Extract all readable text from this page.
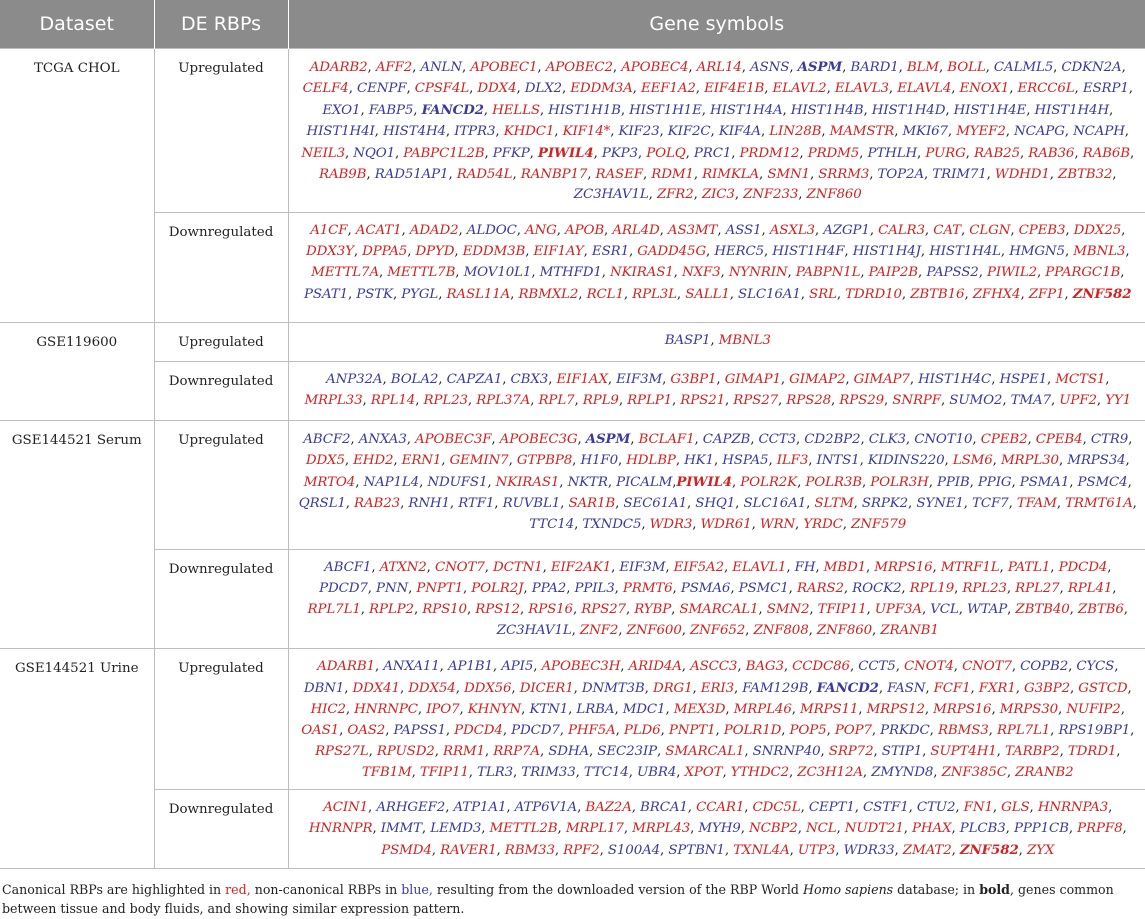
Dataset	DE RBPs	Gene symbols
TCGA CHOL	Upregulated	ADARB2, AFF2, ANLN, APOBEC1, APOBEC2, APOBEC4, ARL14, ASNS, ASPM, BARD1, BLM, BOLL, CALML5, CDKN2A, CELF4, CENPF, CPSF4L, DDX4, DLX2, EDDM3A, EEF1A2, EIF4E1B, ELAVL2, ELAVL3, ELAVL4, ENOX1, ERCC6L, ESRP1, EXO1, FABP5, FANCD2, HELLS, HIST1H1B, HIST1H1E, HIST1H4A, HIST1H4B, HIST1H4D, HIST1H4E, HIST1H4H, HIST1H4I, HIST4H4, ITPR3, KHDC1, KIF14*, KIF23, KIF2C, KIF4A, LIN28B, MAMSTR, MKI67, MYEF2, NCAPG, NCAPH, NEIL3, NQO1, PABPC1L2B, PFKP, PIWIL4, PKP3, POLQ, PRC1, PRDM12, PRDM5, PTHLH, PURG, RAB25, RAB36, RAB6B, RAB9B, RAD51AP1, RAD54L, RANBP17, RASEF, RDM1, RIMKLA, SMN1, SRRM3, TOP2A, TRIM71, WDHD1, ZBTB32, ZC3HAV1L, ZFR2, ZIC3, ZNF233, ZNF860
	Downregulated	A1CF, ACAT1, ADAD2, ALDOC, ANG, APOB, ARL4D, AS3MT, ASS1, ASXL3, AZGP1, CALR3, CAT, CLGN, CPEB3, DDX25, DDX3Y, DPPA5, DPYD, EDDM3B, EIF1AY, ESR1, GADD45G, HERC5, HIST1H4F, HIST1H4J, HIST1H4L, HMGN5, MBNL3, METTL7A, METTL7B, MOV10L1, MTHFD1, NKIRAS1, NXF3, NYNRIN, PABPN1L, PAIP2B, PAPSS2, PIWIL2, PPARGC1B, PSAT1, PSTK, PYGL, RASL11A, RBMXL2, RCL1, RPL3L, SALL1, SLC16A1, SRL, TDRD10, ZBTB16, ZFHX4, ZFP1, ZNF582
GSE119600	Upregulated	BASP1, MBNL3
	Downregulated	ANP32A, BOLA2, CAPZA1, CBX3, EIF1AX, EIF3M, G3BP1, GIMAP1, GIMAP2, GIMAP7, HIST1H4C, HSPE1, MCTS1, MRPL33, RPL14, RPL23, RPL37A, RPL7, RPL9, RPLP1, RPS21, RPS27, RPS28, RPS29, SNRPF, SUMO2, TMA7, UPF2, YY1
GSE144521 Serum	Upregulated	ABCF2, ANXA3, APOBEC3F, APOBEC3G, ASPM, BCLAF1, CAPZB, CCT3, CD2BP2, CLK3, CNOT10, CPEB2, CPEB4, CTR9, DDX5, EHD2, ERN1, GEMIN7, GTPBP8, H1F0, HDLBP, HK1, HSPA5, ILF3, INTS1, KIDINS220, LSM6, MRPL30, MRPS34, MRTO4, NAP1L4, NDUFS1, NKIRAS1, NKTR, PICALM,PIWIL4, POLR2K, POLR3B, POLR3H, PPIB, PPIG, PSMA1, PSMC4, QRSL1, RAB23, RNH1, RTF1, RUVBL1, SAR1B, SEC61A1, SHQ1, SLC16A1, SLTM, SRPK2, SYNE1, TCF7, TFAM, TRMT61A, TTC14, TXNDC5, WDR3, WDR61, WRN, YRDC, ZNF579
	Downregulated	ABCF1, ATXN2, CNOT7, DCTN1, EIF2AK1, EIF3M, EIF5A2, ELAVL1, FH, MBD1, MRPS16, MTRF1L, PATL1, PDCD4, PDCD7, PNN, PNPT1, POLR2J, PPA2, PPIL3, PRMT6, PSMA6, PSMC1, RARS2, ROCK2, RPL19, RPL23, RPL27, RPL41, RPL7L1, RPLP2, RPS10, RPS12, RPS16, RPS27, RYBP, SMARCAL1, SMN2, TFIP11, UPF3A, VCL, WTAP, ZBTB40, ZBTB6, ZC3HAV1L, ZNF2, ZNF600, ZNF652, ZNF808, ZNF860, ZRANB1
GSE144521 Urine	Upregulated	ADARB1, ANXA11, AP1B1, API5, APOBEC3H, ARID4A, ASCC3, BAG3, CCDC86, CCT5, CNOT4, CNOT7, COPB2, CYCS, DBN1, DDX41, DDX54, DDX56, DICER1, DNMT3B, DRG1, ERI3, FAM129B, FANCD2, FASN, FCF1, FXR1, G3BP2, GSTCD, HIC2, HNRNPC, IPO7, KHNYN, KTN1, LRBA, MDC1, MEX3D, MRPL46, MRPS11, MRPS12, MRPS16, MRPS30, NUFIP2, OAS1, OAS2, PAPSS1, PDCD4, PDCD7, PHF5A, PLD6, PNPT1, POLR1D, POP5, POP7, PRKDC, RBMS3, RPL7L1, RPS19BP1, RPS27L, RPUSD2, RRM1, RRP7A, SDHA, SEC23IP, SMARCAL1, SNRNP40, SRP72, STIP1, SUPT4H1, TARBP2, TDRD1, TFB1M, TFIP11, TLR3, TRIM33, TTC14, UBR4, XPOT, YTHDC2, ZC3H12A, ZMYND8, ZNF385C, ZRANB2
	Downregulated	ACIN1, ARHGEF2, ATP1A1, ATP6V1A, BAZ2A, BRCA1, CCAR1, CDC5L, CEPT1, CSTF1, CTU2, FN1, GLS, HNRNPA3, HNRNPR, IMMT, LEMD3, METTL2B, MRPL17, MRPL43, MYH9, NCBP2, NCL, NUDT21, PHAX, PLCB3, PPP1CB, PRPF8, PSMD4, RAVER1, RBM33, RPF2, S100A4, SPTBN1, TXNL4A, UTP3, WDR33, ZMAT2, ZNF582, ZYX

Canonical RBPs are highlighted in red, non-canonical RBPs in blue, resulting from the downloaded version of the RBP World Homo sapiens database; in bold, genes common between tissue and body fluids, and showing similar expression pattern.
